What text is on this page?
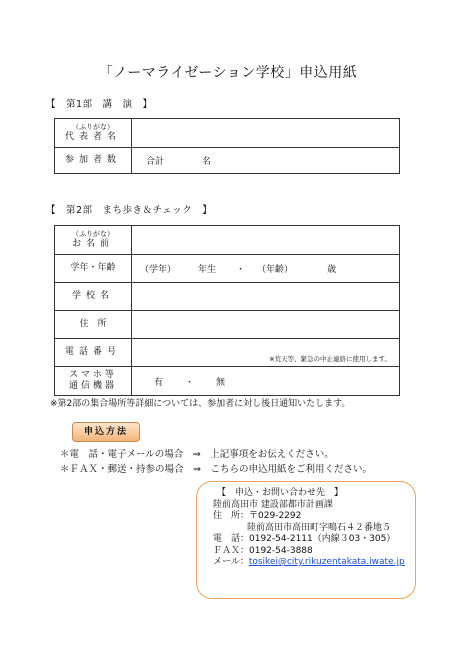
「ノーマライゼーション学校」申込用紙
【　第1部　講　演　】
（ふりがな）
代表者名	
参加者数	合計 名
【　第2部　まち歩き＆チェック　】
（ふりがな）
お名前	
学年・年齢	（学年） 年生 ・ （年齢） 歳

学校名	
住　所	
電話番号	※荒天等、緊急の中止連絡に使用します。

スマホ等
通信機器	有 ・ 無
※第2部の集合場所等詳細については、参加者に対し後日通知いたします。
申込方法
＊電　話・電子メールの場合　⇒　上記事項をお伝えください。
＊ＦＡＸ・郵送・持参の場合　⇒　こちらの申込用紙をご利用ください。
【　申込・お問い合わせ先　】
陸前高田市 建設部都市計画課
住　所：〒029-2292
陸前高田市高田町字鳴石４２番地５
電　話：0192-54-2111（内線３03・305）
ＦＡＸ：0192-54-3888
メール：tosikei@city.rikuzentakata.iwate.jp
